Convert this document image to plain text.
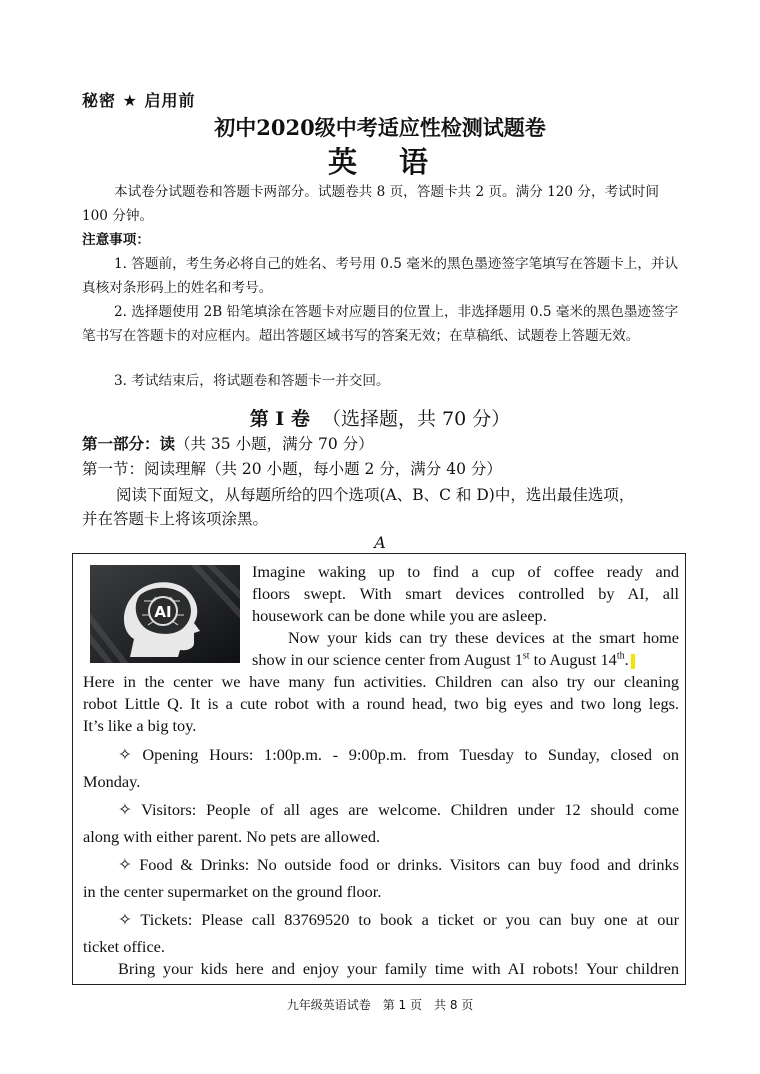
秘密 ★ 启用前
初中2020级中考适应性检测试题卷
英 语
本试卷分试题卷和答题卡两部分。试题卷共 8 页，答题卡共 2 页。满分 120 分，考试时间 100 分钟。
注意事项：
1. 答题前，考生务必将自己的姓名、考号用 0.5 毫米的黑色墨迹签字笔填写在答题卡上，并认真核对条形码上的姓名和考号。
2. 选择题使用 2B 铅笔填涂在答题卡对应题目的位置上，非选择题用 0.5 毫米的黑色墨迹签字笔书写在答题卡的对应框内。超出答题区域书写的答案无效；在草稿纸、试题卷上答题无效。
3. 考试结束后，将试题卷和答题卡一并交回。
第 I 卷 （选择题，共 70 分）
第一部分：读（共 35 小题，满分 70 分）
第一节：阅读理解（共 20 小题，每小题 2 分，满分 40 分）
阅读下面短文，从每题所给的四个选项(A、B、C 和 D)中，选出最佳选项，
并在答题卡上将该项涂黑。
A
AI
Imagine waking up to find a cup of coffee ready and
floors swept. With smart devices controlled by AI, all
housework can be done while you are asleep.
Now your kids can try these devices at the smart home
show in our science center from August 1st to August 14th.
Here in the center we have many fun activities. Children can also try our cleaning
robot Little Q. It is a cute robot with a round head, two big eyes and two long legs.
It’s like a big toy.
✧ Opening Hours: 1:00p.m. - 9:00p.m. from Tuesday to Sunday, closed on
Monday.
✧ Visitors: People of all ages are welcome. Children under 12 should come
along with either parent. No pets are allowed.
✧ Food & Drinks: No outside food or drinks. Visitors can buy food and drinks
in the center supermarket on the ground floor.
✧ Tickets: Please call 83769520 to book a ticket or you can buy one at our
ticket office.
Bring your kids here and enjoy your family time with AI robots! Your children
九年级英语试卷　第 1 页　共 8 页
